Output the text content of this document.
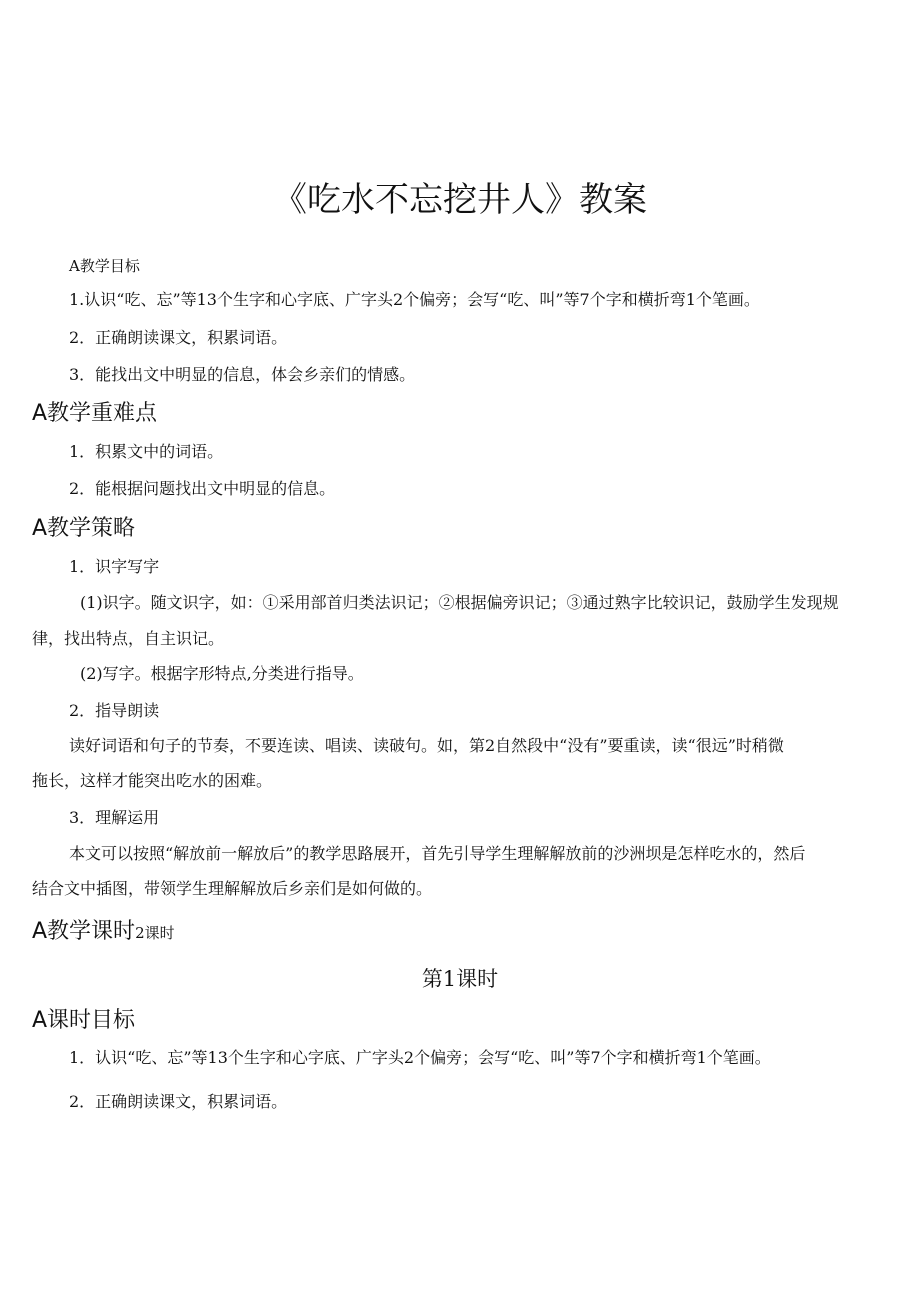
《吃水不忘挖井人》教案
A教学目标
1.认识“吃、忘”等13个生字和心字底、广字头2个偏旁；会写“吃、叫”等7个字和横折弯1个笔画。
2．正确朗读课文，积累词语。
3．能找出文中明显的信息，体会乡亲们的情感。
A教学重难点
1．积累文中的词语。
2．能根据问题找出文中明显的信息。
A教学策略
1．识字写字
(1)识字。随文识字，如：①采用部首归类法识记；②根据偏旁识记；③通过熟字比较识记，鼓励学生发现规
律，找出特点，自主识记。
(2)写字。根据字形特点,分类进行指导。
2．指导朗读
读好词语和句子的节奏，不要连读、唱读、读破句。如，第2自然段中“没有”要重读，读“很远”时稍微
拖长，这样才能突出吃水的困难。
3．理解运用
本文可以按照“解放前一解放后”的教学思路展开，首先引导学生理解解放前的沙洲坝是怎样吃水的，然后
结合文中插图，带领学生理解解放后乡亲们是如何做的。
A教学课时2课时
第1课时
A课时目标
1．认识“吃、忘”等13个生字和心字底、广字头2个偏旁；会写“吃、叫”等7个字和横折弯1个笔画。
2．正确朗读课文，积累词语。
